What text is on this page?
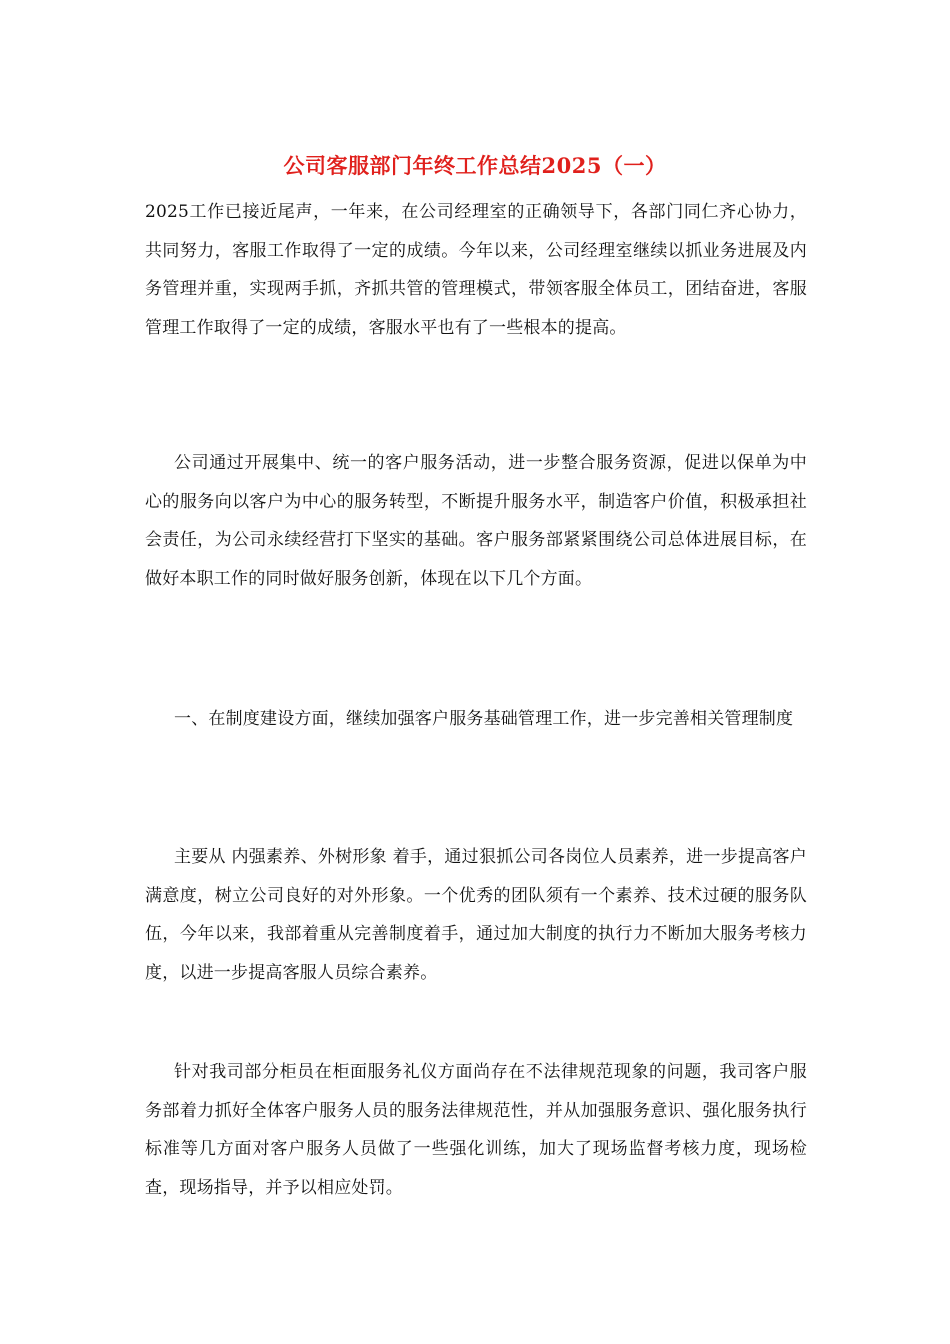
公司客服部门年终工作总结2025（一）

2025工作已接近尾声，一年来，在公司经理室的正确领导下，各部门同仁齐心协力，共同努力，客服工作取得了一定的成绩。今年以来，公司经理室继续以抓业务进展及内务管理并重，实现两手抓，齐抓共管的管理模式，带领客服全体员工，团结奋进，客服管理工作取得了一定的成绩，客服水平也有了一些根本的提高。

公司通过开展集中、统一的客户服务活动，进一步整合服务资源，促进以保单为中心的服务向以客户为中心的服务转型，不断提升服务水平，制造客户价值，积极承担社会责任，为公司永续经营打下坚实的基础。客户服务部紧紧围绕公司总体进展目标，在做好本职工作的同时做好服务创新，体现在以下几个方面。

一、在制度建设方面，继续加强客户服务基础管理工作，进一步完善相关管理制度

主要从 内强素养、外树形象 着手，通过狠抓公司各岗位人员素养，进一步提高客户满意度，树立公司良好的对外形象。一个优秀的团队须有一个素养、技术过硬的服务队伍，今年以来，我部着重从完善制度着手，通过加大制度的执行力不断加大服务考核力度，以进一步提高客服人员综合素养。

针对我司部分柜员在柜面服务礼仪方面尚存在不法律规范现象的问题，我司客户服务部着力抓好全体客户服务人员的服务法律规范性，并从加强服务意识、强化服务执行标准等几方面对客户服务人员做了一些强化训练，加大了现场监督考核力度，现场检查，现场指导，并予以相应处罚。
